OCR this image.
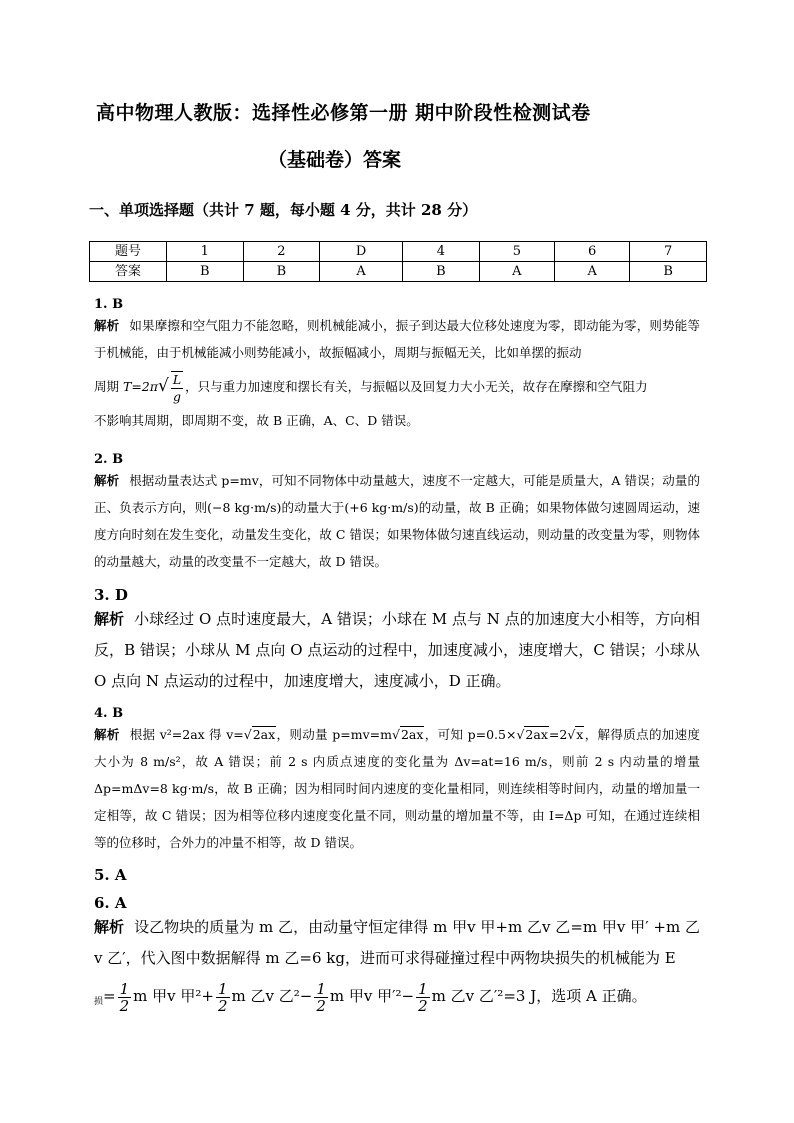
高中物理人教版：选择性必修第一册 期中阶段性检测试卷
（基础卷）答案
一、单项选择题（共计 7 题，每小题 4 分，共计 28 分）
题号	1	2	D	4	5	6	7
答案	B	B	A	B	A	A	B
1. B
解析 如果摩擦和空气阻力不能忽略，则机械能减小，振子到达最大位移处速度为零，即动能为零，则势能等于机械能，由于机械能减小则势能减小，故振幅减小，周期与振幅无关，比如单摆的振动
周期 $T=2\pi√ \frac{L}{g}$ ，只与重力加速度和摆长有关，与振幅以及回复力大小无关，故存在摩擦和空气阻力
不影响其周期，即周期不变，故 B 正确，A、C、D 错误。
2. B
解析 根据动量表达式 p=mv，可知不同物体中动量越大，速度不一定越大，可能是质量大，A 错误；动量的正、负表示方向，则(−8 kg·m/s)的动量大于(+6 kg·m/s)的动量，故 B 正确；如果物体做匀速圆周运动，速度方向时刻在发生变化，动量发生变化，故 C 错误；如果物体做匀速直线运动，则动量的改变量为零，则物体的动量越大，动量的改变量不一定越大，故 D 错误。
3. D
解析 小球经过 O 点时速度最大，A 错误；小球在 M 点与 N 点的加速度大小相等，方向相反，B 错误；小球从 M 点向 O 点运动的过程中，加速度减小，速度增大，C 错误；小球从 O 点向 N 点运动的过程中，加速度增大，速度减小，D 正确。
4. B
解析 根据 v²=2ax 得 v=√2ax，则动量 p=mv=m√2ax，可知 p=0.5×√2ax=2√x，解得质点的加速度大小为 8 m/s²，故 A 错误；前 2 s 内质点速度的变化量为 Δv=at=16 m/s，则前 2 s 内动量的增量 Δp=mΔv=8 kg·m/s，故 B 正确；因为相同时间内速度的变化量相同，则连续相等时间内，动量的增加量一定相等，故 C 错误；因为相等位移内速度变化量不同，则动量的增加量不等，由 I=Δp 可知，在通过连续相等的位移时，合外力的冲量不相等，故 D 错误。
5. A
6. A
解析 设乙物块的质量为 m 乙，由动量守恒定律得 m 甲v 甲+m 乙v 乙=m 甲v 甲′ +m 乙v 乙′，代入图中数据解得 m 乙=6 kg，进而可求得碰撞过程中两物块损失的机械能为 E
$_损= \frac{1}{2}$ m 甲v 甲$^2+ \frac{1}{2}$ m 乙v 乙$^2- \frac{1}{2}$ m 甲v 甲$'^2- \frac{1}{2}$ m 乙v 乙′²=3 J，选项 A 正确。
